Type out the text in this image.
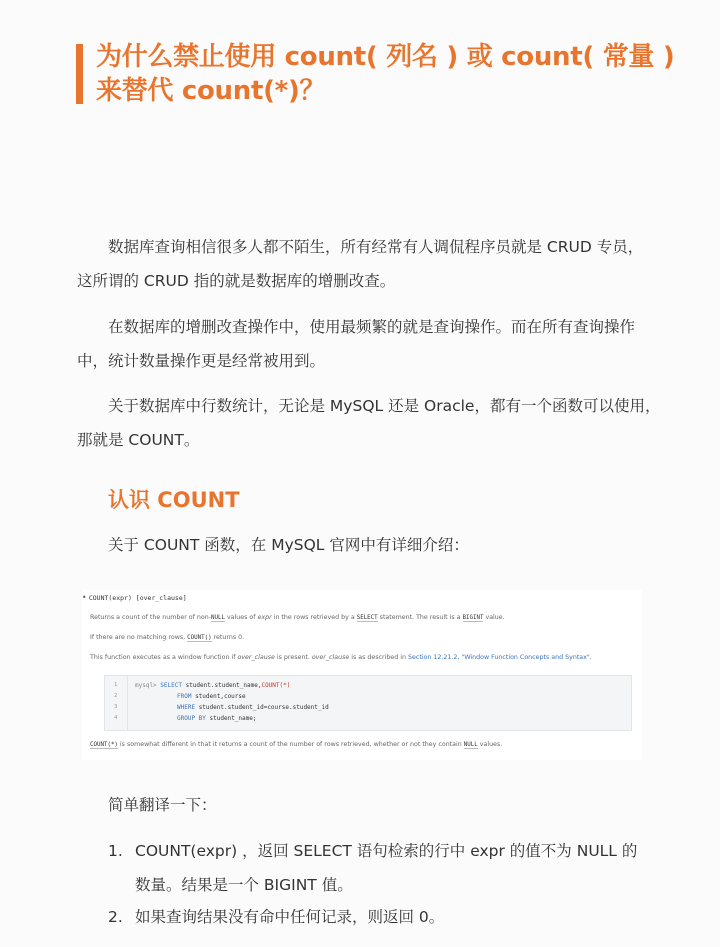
为什么禁止使用 count( 列名 ) 或 count( 常量 )
来替代 count(*)？
数据库查询相信很多人都不陌生，所有经常有人调侃程序员就是 CRUD 专员，
这所谓的 CRUD 指的就是数据库的增删改查。
在数据库的增删改查操作中，使用最频繁的就是查询操作。而在所有查询操作
中，统计数量操作更是经常被用到。
关于数据库中行数统计，无论是 MySQL 还是 Oracle，都有一个函数可以使用，
那就是 COUNT。
认识 COUNT
关于 COUNT 函数，在 MySQL 官网中有详细介绍：
• COUNT(expr) [over_clause]
Returns a count of the number of non-NULL values of expr in the rows retrieved by a SELECT statement. The result is a BIGINT value.
If there are no matching rows, COUNT() returns 0.
This function executes as a window function if over_clause is present. over_clause is as described in Section 12.21.2, "Window Function Concepts and Syntax".
1
2
3
4
mysql> SELECT student.student_name,COUNT(*)
FROM student,course
WHERE student.student_id=course.student_id
GROUP BY student_name;
COUNT(*) is somewhat different in that it returns a count of the number of rows retrieved, whether or not they contain NULL values.
简单翻译一下：
1. COUNT(expr) ，返回 SELECT 语句检索的行中 expr 的值不为 NULL 的
数量。结果是一个 BIGINT 值。
2. 如果查询结果没有命中任何记录，则返回 0。
